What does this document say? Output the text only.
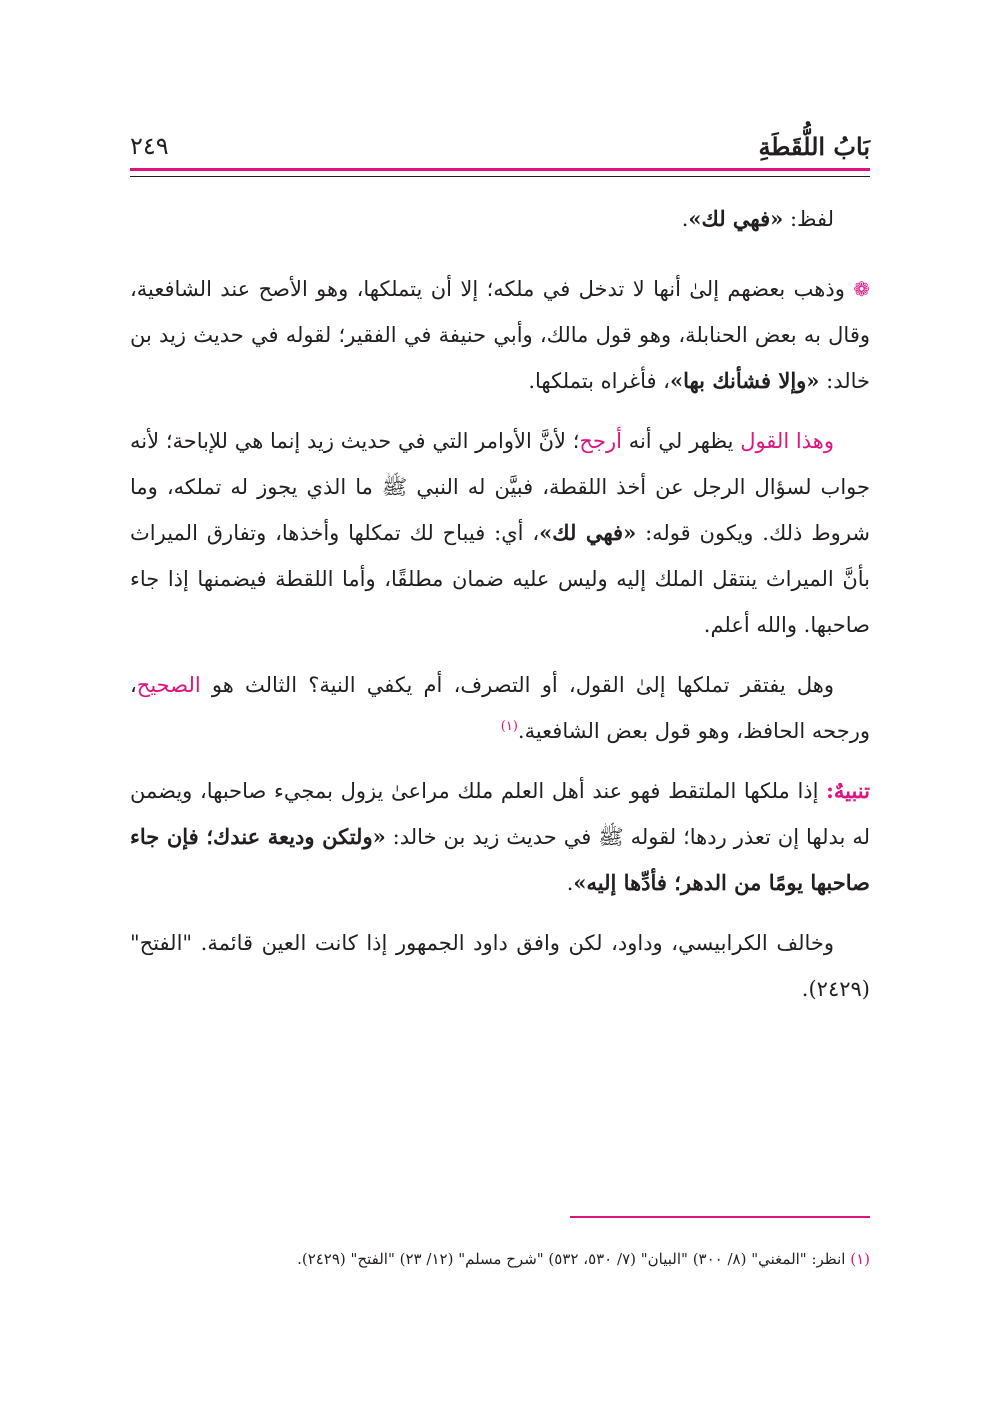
بَابُ اللُّقَطَةِ
٢٤٩

لفظ: «فهي لك».

❁ وذهب بعضهم إلىٰ أنها لا تدخل في ملكه؛ إلا أن يتملكها، وهو الأصح عند الشافعية، وقال به بعض الحنابلة، وهو قول مالك، وأبي حنيفة في الفقير؛ لقوله في حديث زيد بن خالد: «وإلا فشأنك بها»، فأغراه بتملكها.

وهذا القول يظهر لي أنه أرجح؛ لأنَّ الأوامر التي في حديث زيد إنما هي للإباحة؛ لأنه جواب لسؤال الرجل عن أخذ اللقطة، فبيَّن له النبي ﷺ ما الذي يجوز له تملكه، وما شروط ذلك. ويكون قوله: «فهي لك»، أي: فيباح لك تمكلها وأخذها، وتفارق الميراث بأنَّ الميراث ينتقل الملك إليه وليس عليه ضمان مطلقًا، وأما اللقطة فيضمنها إذا جاء صاحبها. والله أعلم.

وهل يفتقر تملكها إلىٰ القول، أو التصرف، أم يكفي النية؟ الثالث هو الصحيح، ورجحه الحافظ، وهو قول بعض الشافعية.$^{(١)}$

تنبيهٌ: إذا ملكها الملتقط فهو عند أهل العلم ملك مراعىٰ يزول بمجيء صاحبها، ويضمن له بدلها إن تعذر ردها؛ لقوله ﷺ في حديث زيد بن خالد: «ولتكن وديعة عندك؛ فإن جاء صاحبها يومًا من الدهر؛ فأدِّها إليه».

وخالف الكرابيسي، وداود، لكن وافق داود الجمهور إذا كانت العين قائمة. "الفتح" (٢٤٢٩).

(١) انظر: "المغني" (٨/ ٣٠٠) "البيان" (٧/ ٥٣٠، ٥٣٢) "شرح مسلم" (١٢/ ٢٣) "الفتح" (٢٤٢٩).
